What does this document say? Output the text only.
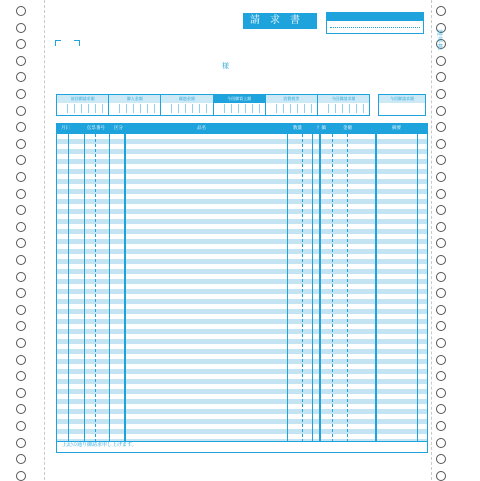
請求書
請求書
様
前回御請求額	御入金額	繰越金額	今回御買上額	消費税等	今回御請求額	今回御請求額
月日	伝票番号 区分	品名	数量	単価	金額	摘要
上記の通り御請求申し上げます。
